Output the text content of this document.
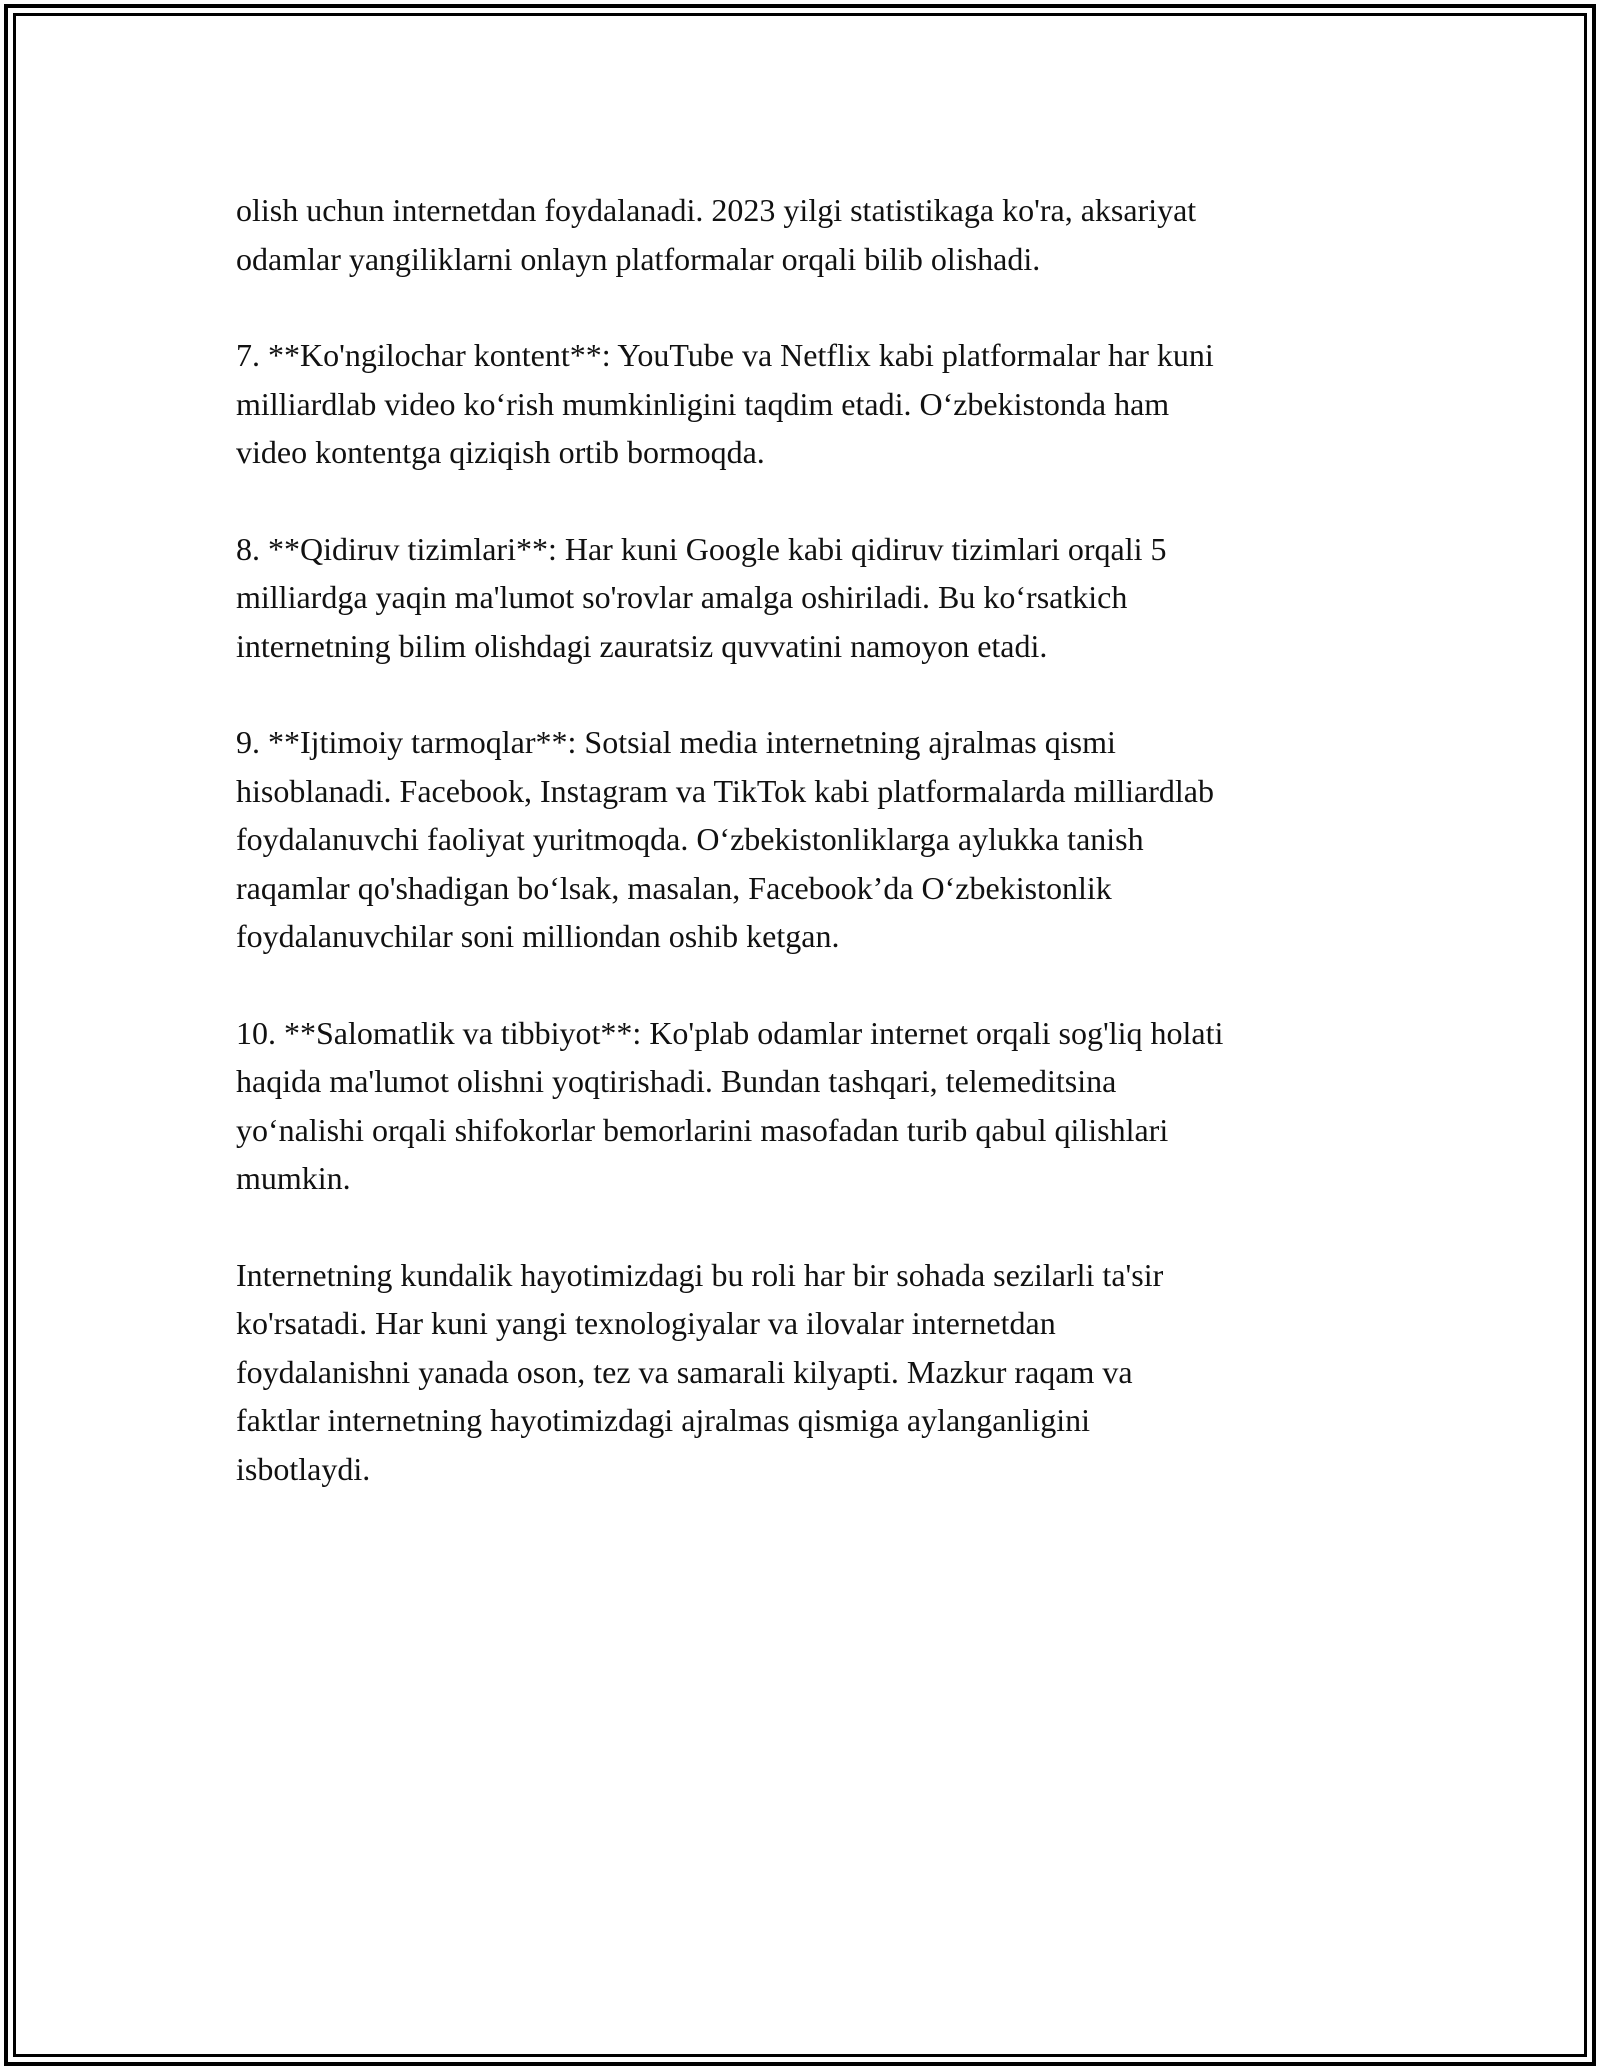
olish uchun internetdan foydalanadi. 2023 yilgi statistikaga ko'ra, aksariyat
odamlar yangiliklarni onlayn platformalar orqali bilib olishadi.

7. **Ko'ngilochar kontent**: YouTube va Netflix kabi platformalar har kuni
milliardlab video ko‘rish mumkinligini taqdim etadi. O‘zbekistonda ham
video kontentga qiziqish ortib bormoqda.

8. **Qidiruv tizimlari**: Har kuni Google kabi qidiruv tizimlari orqali 5
milliardga yaqin ma'lumot so'rovlar amalga oshiriladi. Bu ko‘rsatkich
internetning bilim olishdagi zauratsiz quvvatini namoyon etadi.

9. **Ijtimoiy tarmoqlar**: Sotsial media internetning ajralmas qismi
hisoblanadi. Facebook, Instagram va TikTok kabi platformalarda milliardlab
foydalanuvchi faoliyat yuritmoqda. O‘zbekistonliklarga aylukka tanish
raqamlar qo'shadigan bo‘lsak, masalan, Facebook’da O‘zbekistonlik
foydalanuvchilar soni milliondan oshib ketgan.

10. **Salomatlik va tibbiyot**: Ko'plab odamlar internet orqali sog'liq holati
haqida ma'lumot olishni yoqtirishadi. Bundan tashqari, telemeditsina
yo‘nalishi orqali shifokorlar bemorlarini masofadan turib qabul qilishlari
mumkin.

Internetning kundalik hayotimizdagi bu roli har bir sohada sezilarli ta'sir
ko'rsatadi. Har kuni yangi texnologiyalar va ilovalar internetdan
foydalanishni yanada oson, tez va samarali kilyapti. Mazkur raqam va
faktlar internetning hayotimizdagi ajralmas qismiga aylanganligini
isbotlaydi.
